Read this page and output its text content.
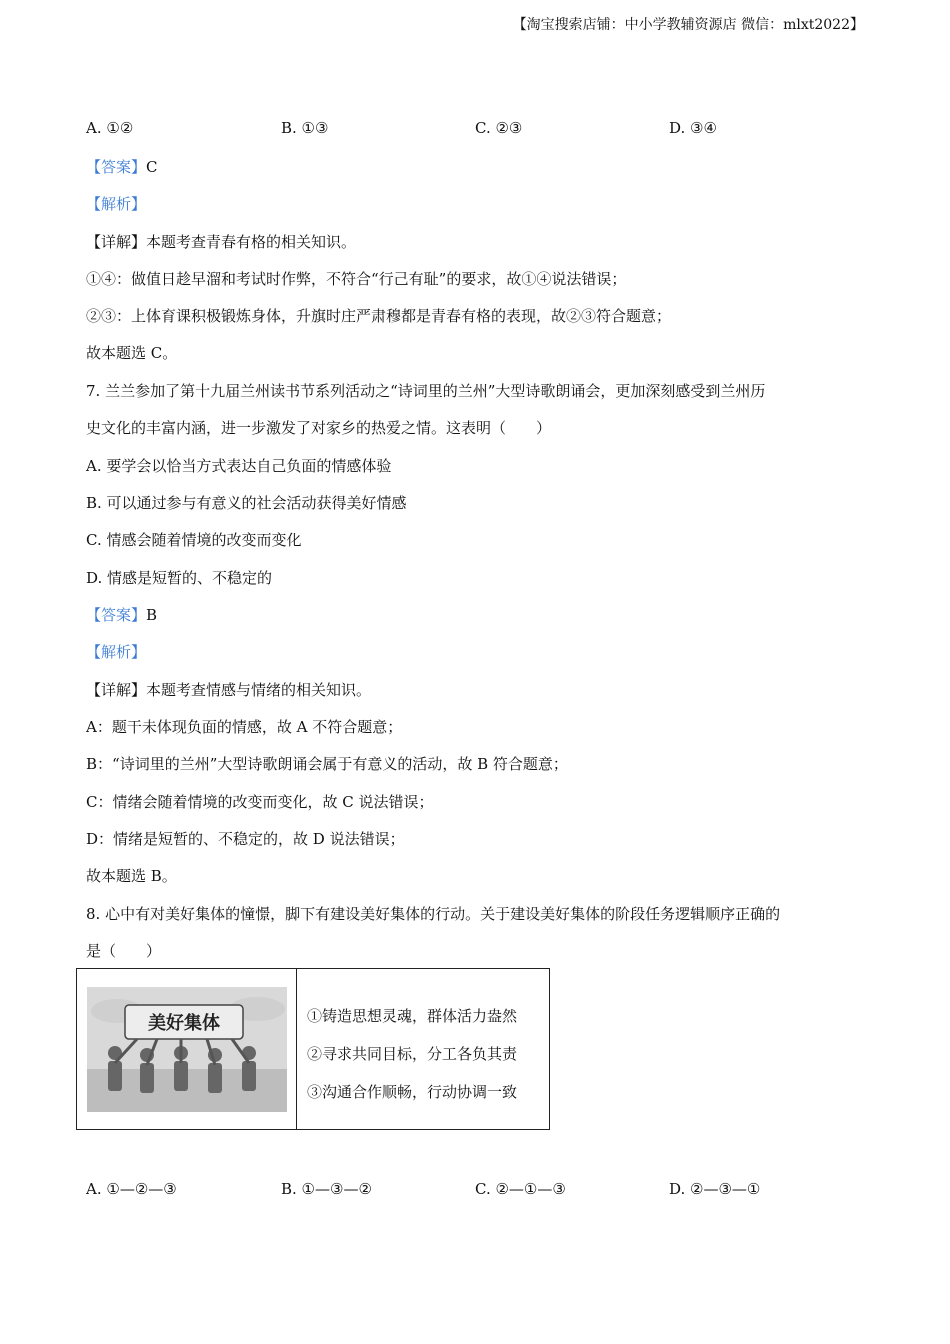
【淘宝搜索店铺：中小学教辅资源店 微信：mlxt2022】
A. ①②	B. ①③	C. ②③	D. ③④
【答案】C
【解析】
【详解】本题考查青春有格的相关知识。
①④：做值日趁早溜和考试时作弊，不符合“行己有耻”的要求，故①④说法错误；
②③：上体育课积极锻炼身体，升旗时庄严肃穆都是青春有格的表现，故②③符合题意；
故本题选 C。
7. 兰兰参加了第十九届兰州读书节系列活动之“诗词里的兰州”大型诗歌朗诵会，更加深刻感受到兰州历
史文化的丰富内涵，进一步激发了对家乡的热爱之情。这表明（　　）
A. 要学会以恰当方式表达自己负面的情感体验
B. 可以通过参与有意义的社会活动获得美好情感
C. 情感会随着情境的改变而变化
D. 情感是短暂的、不稳定的
【答案】B
【解析】
【详解】本题考查情感与情绪的相关知识。
A：题干未体现负面的情感，故 A 不符合题意；
B：“诗词里的兰州”大型诗歌朗诵会属于有意义的活动，故 B 符合题意；
C：情绪会随着情境的改变而变化，故 C 说法错误；
D：情绪是短暂的、不稳定的，故 D 说法错误；
故本题选 B。
8. 心中有对美好集体的憧憬，脚下有建设美好集体的行动。关于建设美好集体的阶段任务逻辑顺序正确的
是（　　）
美好集体	①铸造思想灵魂，群体活力盎然
②寻求共同目标，分工各负其责
③沟通合作顺畅，行动协调一致
A. ①—②—③	B. ①—③—②	C. ②—①—③	D. ②—③—①
